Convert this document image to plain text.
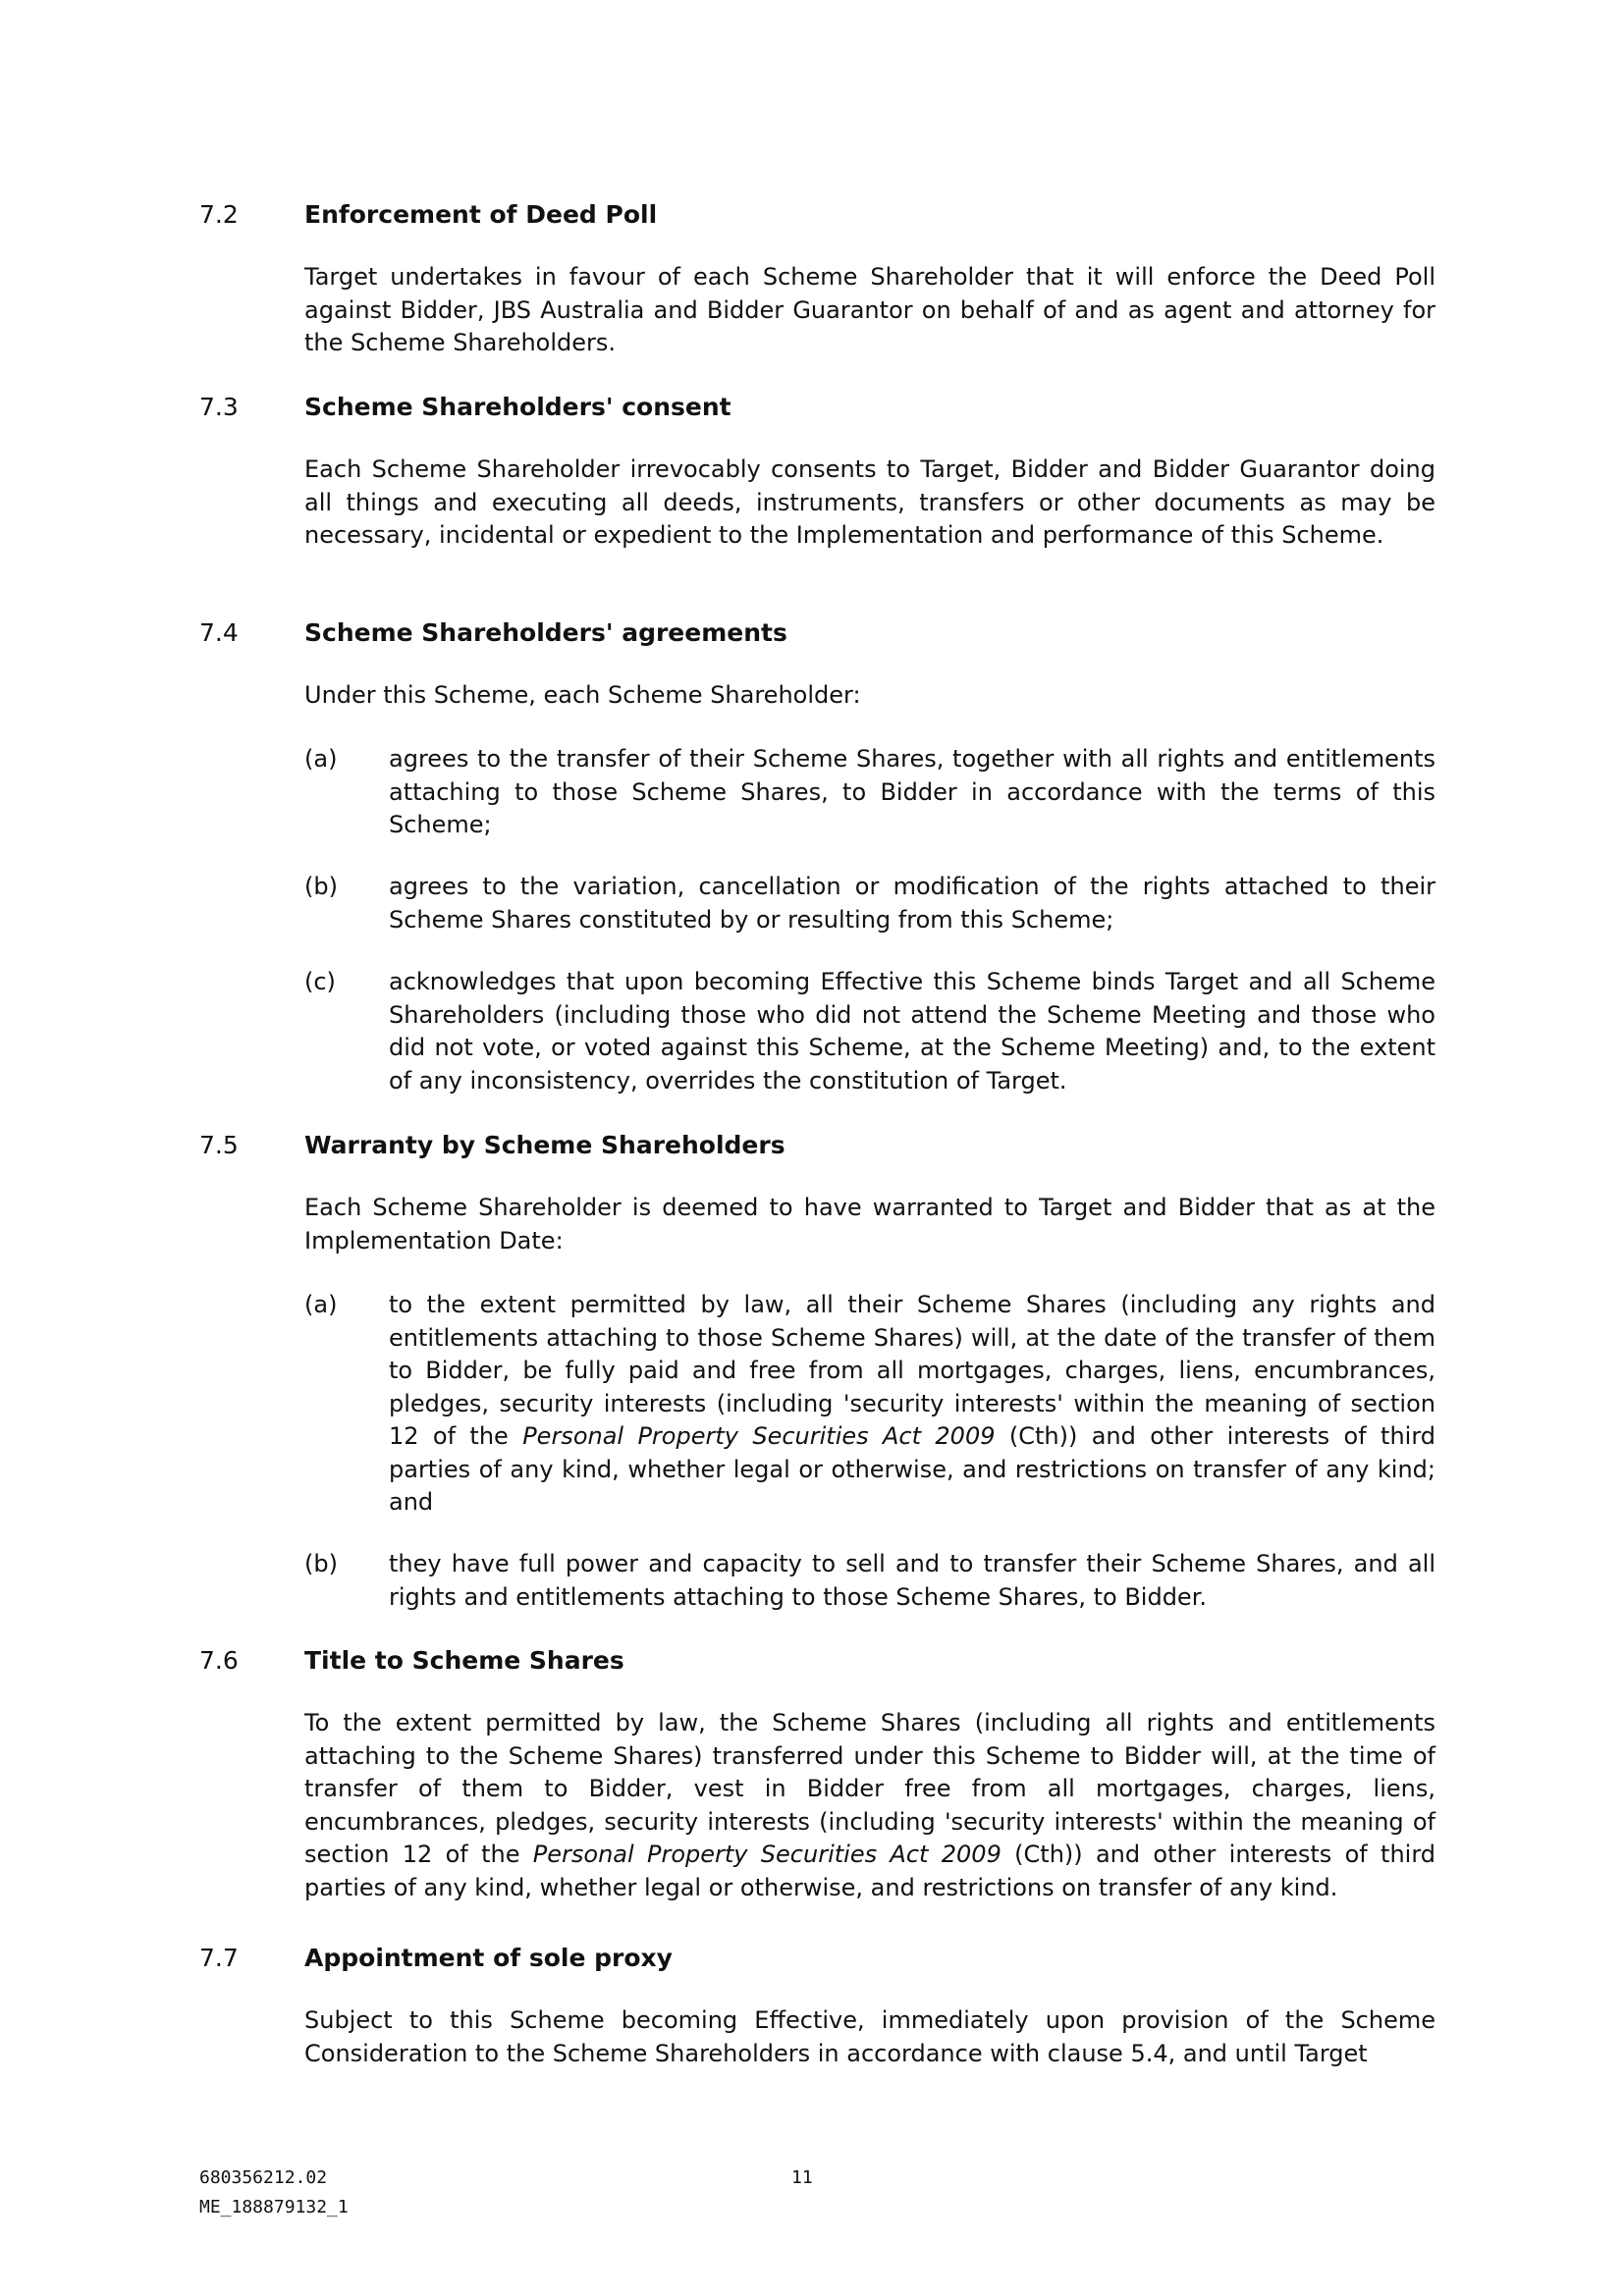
7.2	Enforcement of Deed Poll

Target undertakes in favour of each Scheme Shareholder that it will enforce the Deed Poll against Bidder, JBS Australia and Bidder Guarantor on behalf of and as agent and attorney for the Scheme Shareholders.

7.3	Scheme Shareholders' consent

Each Scheme Shareholder irrevocably consents to Target, Bidder and Bidder Guarantor doing all things and executing all deeds, instruments, transfers or other documents as may be necessary, incidental or expedient to the Implementation and performance of this Scheme.

7.4	Scheme Shareholders' agreements

Under this Scheme, each Scheme Shareholder:

(a) agrees to the transfer of their Scheme Shares, together with all rights and entitlements attaching to those Scheme Shares, to Bidder in accordance with the terms of this Scheme;

(b) agrees to the variation, cancellation or modification of the rights attached to their Scheme Shares constituted by or resulting from this Scheme;

(c) acknowledges that upon becoming Effective this Scheme binds Target and all Scheme Shareholders (including those who did not attend the Scheme Meeting and those who did not vote, or voted against this Scheme, at the Scheme Meeting) and, to the extent of any inconsistency, overrides the constitution of Target.

7.5	Warranty by Scheme Shareholders

Each Scheme Shareholder is deemed to have warranted to Target and Bidder that as at the Implementation Date:

(a) to the extent permitted by law, all their Scheme Shares (including any rights and entitlements attaching to those Scheme Shares) will, at the date of the transfer of them to Bidder, be fully paid and free from all mortgages, charges, liens, encumbrances, pledges, security interests (including 'security interests' within the meaning of section 12 of the Personal Property Securities Act 2009 (Cth)) and other interests of third parties of any kind, whether legal or otherwise, and restrictions on transfer of any kind; and

(b) they have full power and capacity to sell and to transfer their Scheme Shares, and all rights and entitlements attaching to those Scheme Shares, to Bidder.

7.6	Title to Scheme Shares

To the extent permitted by law, the Scheme Shares (including all rights and entitlements attaching to the Scheme Shares) transferred under this Scheme to Bidder will, at the time of transfer of them to Bidder, vest in Bidder free from all mortgages, charges, liens, encumbrances, pledges, security interests (including 'security interests' within the meaning of section 12 of the Personal Property Securities Act 2009 (Cth)) and other interests of third parties of any kind, whether legal or otherwise, and restrictions on transfer of any kind.

7.7	Appointment of sole proxy

Subject to this Scheme becoming Effective, immediately upon provision of the Scheme Consideration to the Scheme Shareholders in accordance with clause 5.4, and until Target

680356212.02
ME_188879132_1
11
